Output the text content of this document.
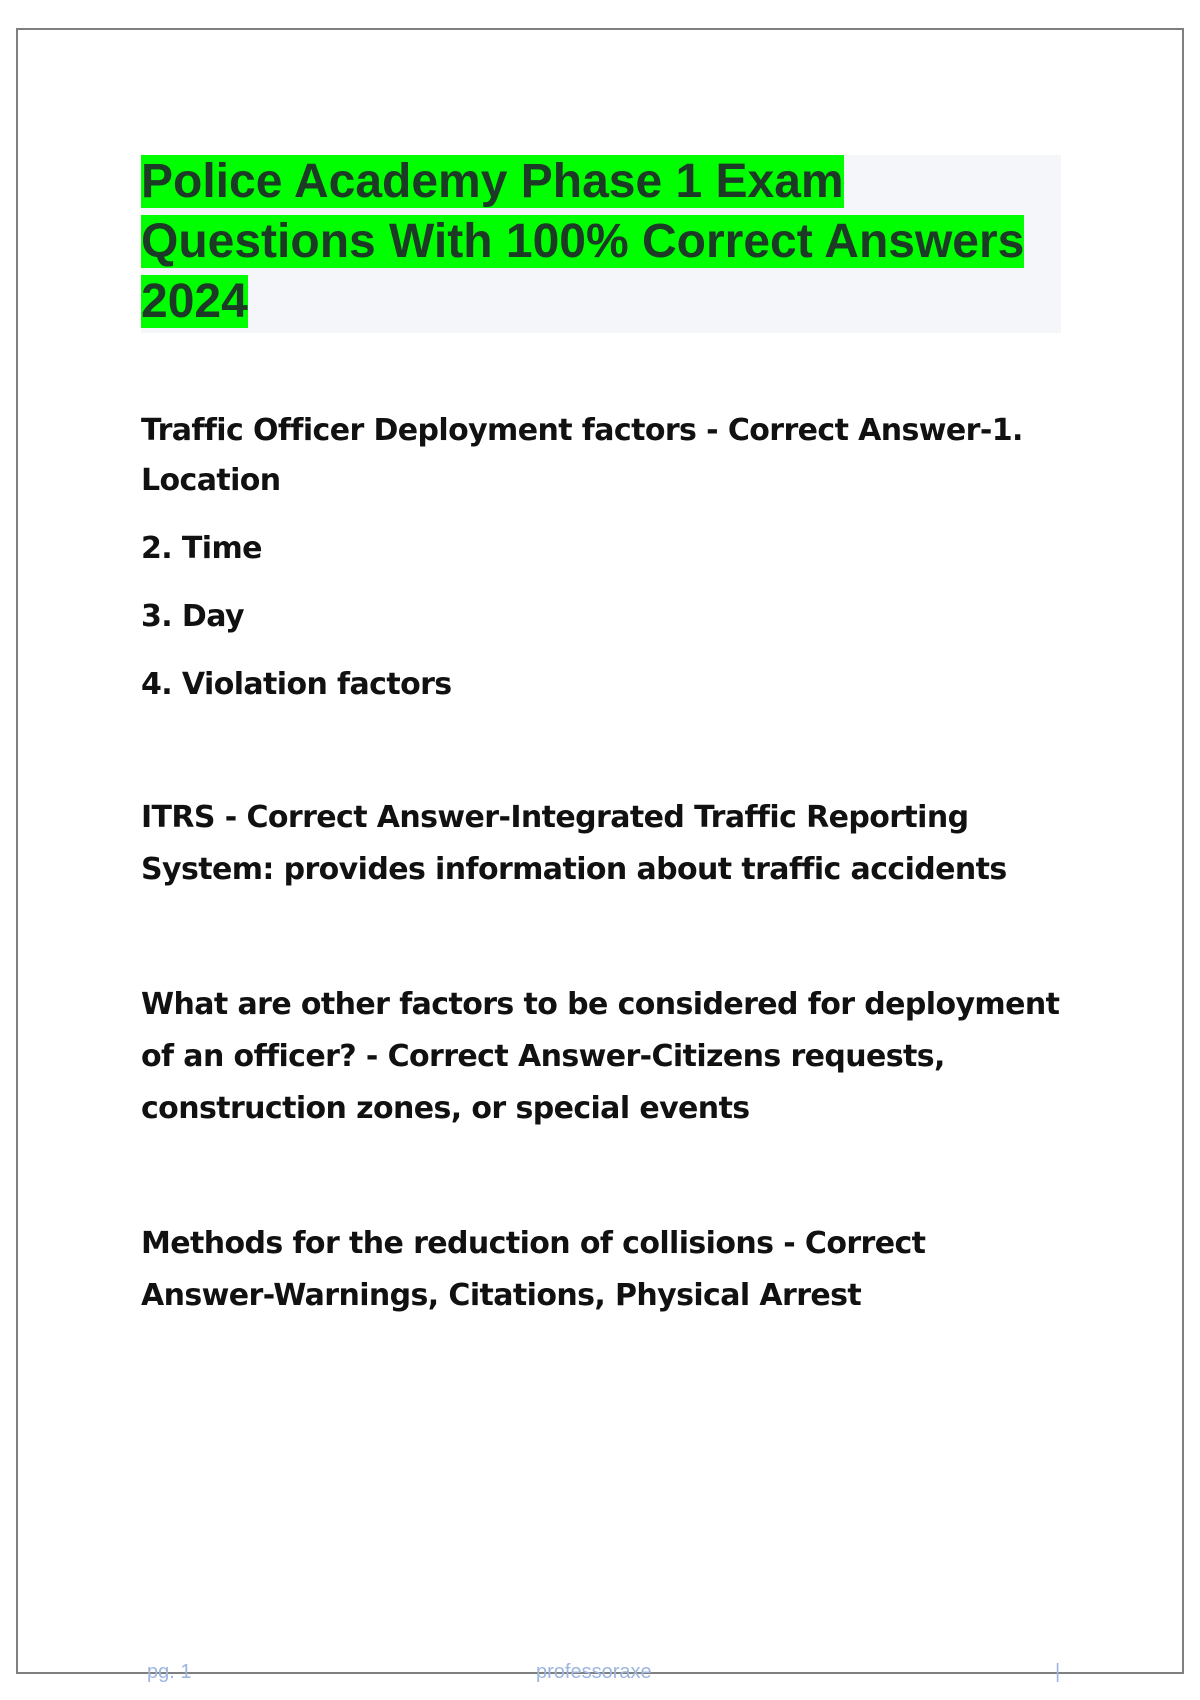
Police Academy Phase 1 Exam
Questions With 100% Correct Answers
2024
Traffic Officer Deployment factors - Correct Answer-1. Location
2. Time
3. Day
4. Violation factors

ITRS - Correct Answer-Integrated Traffic Reporting System: provides information about traffic accidents

What are other factors to be considered for deployment of an officer? - Correct Answer-Citizens requests, construction zones, or special events

Methods for the reduction of collisions - Correct Answer-Warnings, Citations, Physical Arrest

pg. 1	professoraxe	|
